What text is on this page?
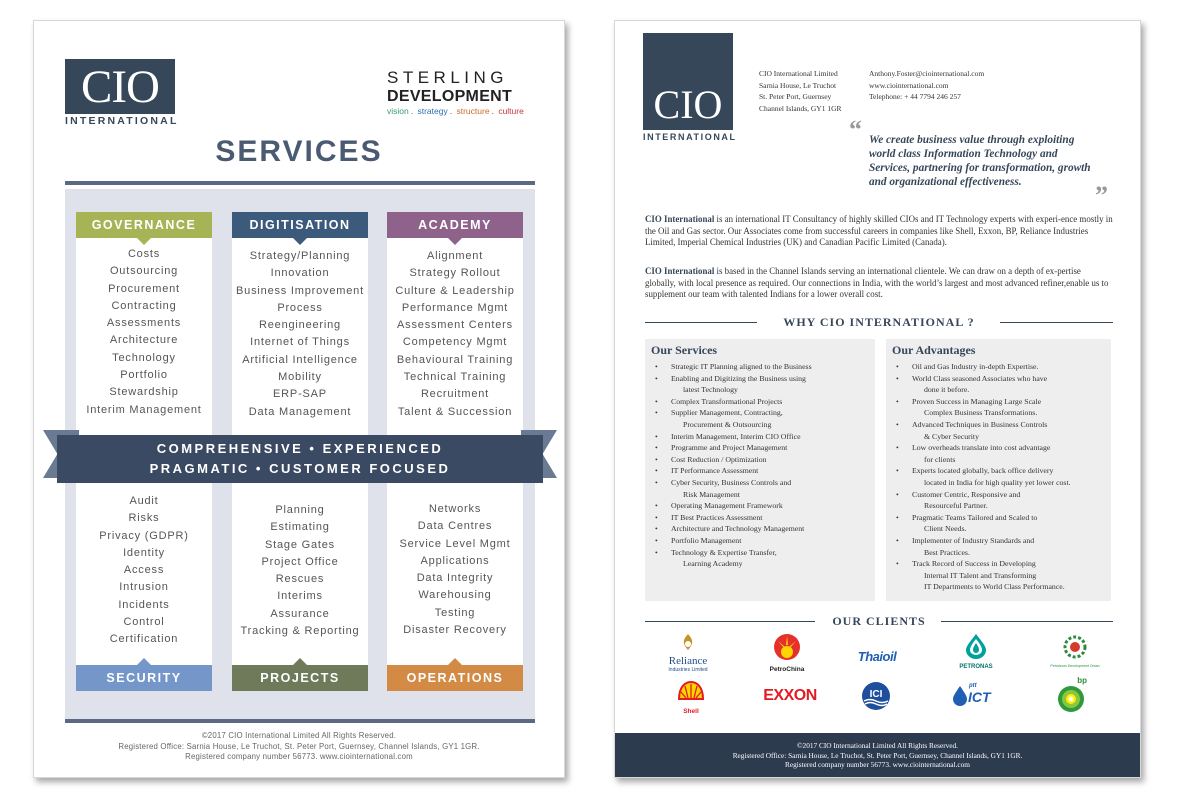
CIO
INTERNATIONAL
STERLING
DEVELOPMENT
vision . strategy . structure . culture
SERVICES
GOVERNANCE
Costs
Outsourcing
Procurement
Contracting
Assessments
Architecture
Technology
Portfolio
Stewardship
Interim Management
DIGITISATION
Strategy/Planning
Innovation
Business Improvement
Process
Reengineering
Internet of Things
Artificial Intelligence
Mobility
ERP-SAP
Data Management
ACADEMY
Alignment
Strategy Rollout
Culture & Leadership
Performance Mgmt
Assessment Centers
Competency Mgmt
Behavioural Training
Technical Training
Recruitment
Talent & Succession
Audit
Risks
Privacy (GDPR)
Identity
Access
Intrusion
Incidents
Control
Certification
SECURITY
Planning
Estimating
Stage Gates
Project Office
Rescues
Interims
Assurance
Tracking & Reporting
PROJECTS
Networks
Data Centres
Service Level Mgmt
Applications
Data Integrity
Warehousing
Testing
Disaster Recovery
OPERATIONS
COMPREHENSIVE • EXPERIENCED
PRAGMATIC • CUSTOMER FOCUSED
©2017 CIO International Limited All Rights Reserved.
Registered Office: Sarnia House, Le Truchot, St. Peter Port, Guernsey, Channel Islands, GY1 1GR.
Registered company number 56773. www.ciointernational.com
CIO
INTERNATIONAL
CIO International Limited
Sarnia House, Le Truchot
St. Peter Port, Guernsey
Channel Islands, GY1 1GR
Anthony.Foster@ciointernational.com
www.ciointernational.com
Telephone: + 44 7794 246 257
“ We create business value through exploiting world class Information Technology and Services, partnering for transformation, growth and organizational effectiveness.	”
CIO International is an international IT Consultancy of highly skilled CIOs and IT Technology experts with experi-ence mostly in the Oil and Gas sector. Our Associates come from successful careers in companies like Shell, Exxon, BP, Reliance Industries Limited, Imperial Chemical Industries (UK) and Canadian Pacific Limited (Canada).
CIO International is based in the Channel Islands serving an international clientele. We can draw on a depth of ex-pertise globally, with local presence as required. Our connections in India, with the world’s largest and most advanced refiner,enable us to supplement our team with talented Indians for a lower overall cost.
WHY CIO INTERNATIONAL ?
Our Services
• Strategic IT Planning aligned to the Business
• Enabling and Digitizing the Business using
latest Technology
• Complex Transformational Projects
• Supplier Management, Contracting,
Procurement & Outsourcing
• Interim Management, Interim CIO Office
• Programme and Project Management
• Cost Reduction / Optimization
• IT Performance Assessment
• Cyber Security, Business Controls and
Risk Management
• Operating Management Framework
• IT Best Practices Assessment
• Architecture and Technology Management
• Portfolio Management
• Technology & Expertise Transfer,
Learning Academy
Our Advantages
• Oil and Gas Industry in-depth Expertise.
• World Class seasoned Associates who have
done it before.
• Proven Success in Managing Large Scale
Complex Business Transformations.
• Advanced Techniques in Business Controls
& Cyber Security
• Low overheads translate into cost advantage
for clients
• Experts located globally, back office delivery
located in India for high quality yet lower cost.
• Customer Centric, Responsive and
Resourceful Partner.
• Pragmatic Teams Tailored and Scaled to
Client Needs.
• Implementer of Industry Standards and
Best Practices.
• Track Record of Success in Developing
Internal IT Talent and Transforming
IT Departments to World Class Performance.
OUR CLIENTS
Reliance
Industries Limited	PetroChina
Thaioil
PETRONAS	Petroleum Development Oman
Shell
EXXON	ICI
ptt
ICT
bp
©2017 CIO International Limited All Rights Reserved.
Registered Office: Sarnia House, Le Truchot, St. Peter Port, Guernsey, Channel Islands, GY1 1GR.
Registered company number 56773. www.ciointernational.com
